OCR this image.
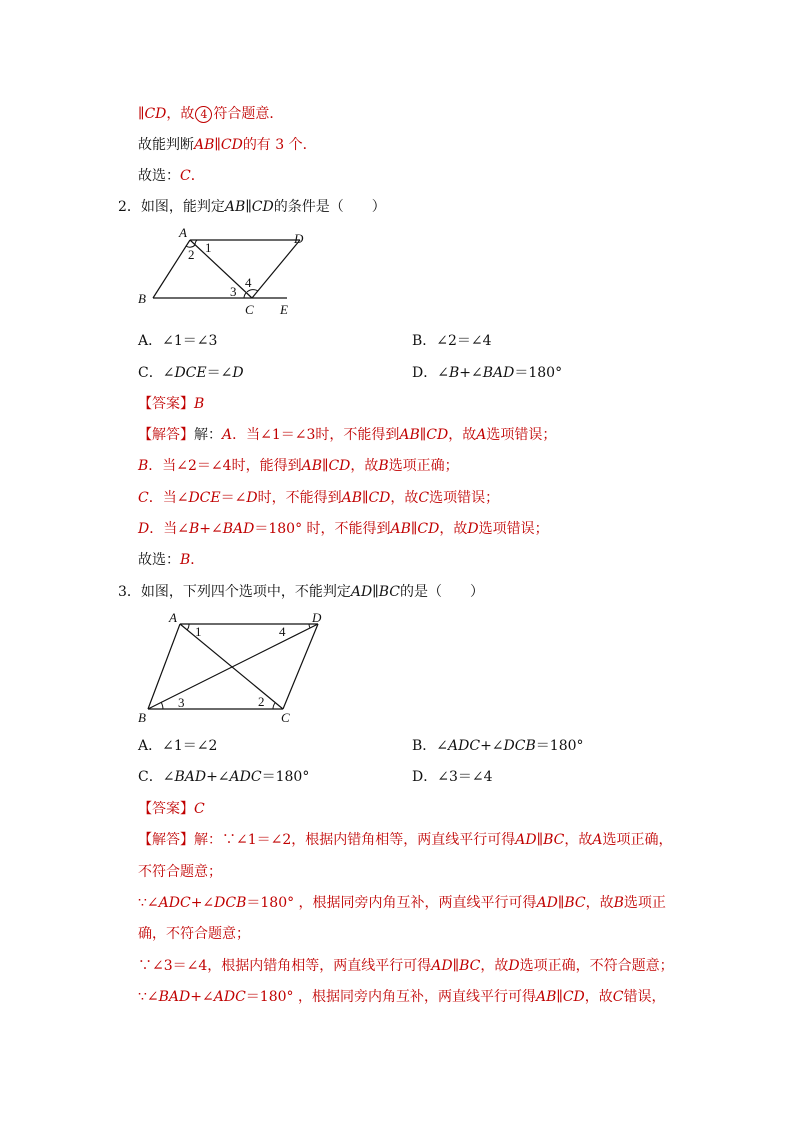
∥CD，故 4 符合题意．
故能判断AB∥CD的有 3 个．
故选：C．
2．如图，能判定AB∥CD的条件是（　　）
A	D
B
C E
1
2
3
4
A．∠1＝∠3	B．∠2＝∠4
C．∠DCE＝∠D	D．∠B+∠BAD＝180°
【答案】B
【解答】解：A．当∠1＝∠3时，不能得到AB∥CD，故A选项错误；
B．当∠2＝∠4时，能得到AB∥CD，故B选项正确；
C．当∠DCE＝∠D时，不能得到AB∥CD，故C选项错误；
D．当∠B+∠BAD＝180° 时，不能得到AB∥CD，故D选项错误；
故选：B．
3．如图，下列四个选项中，不能判定AD∥BC的是（　　）
A	D
B	C
1	4
3	2
A．∠1＝∠2	B．∠ADC+∠DCB＝180°
C．∠BAD+∠ADC＝180°	D．∠3＝∠4
【答案】C
【解答】解：∵∠1＝∠2，根据内错角相等，两直线平行可得AD∥BC，故A选项正确，
不符合题意；
∵∠ADC+∠DCB＝180° ，根据同旁内角互补，两直线平行可得AD∥BC，故B选项正
确，不符合题意；
∵∠3＝∠4，根据内错角相等，两直线平行可得AD∥BC，故D选项正确，不符合题意；
∵∠BAD+∠ADC＝180° ，根据同旁内角互补，两直线平行可得AB∥CD，故C错误，
